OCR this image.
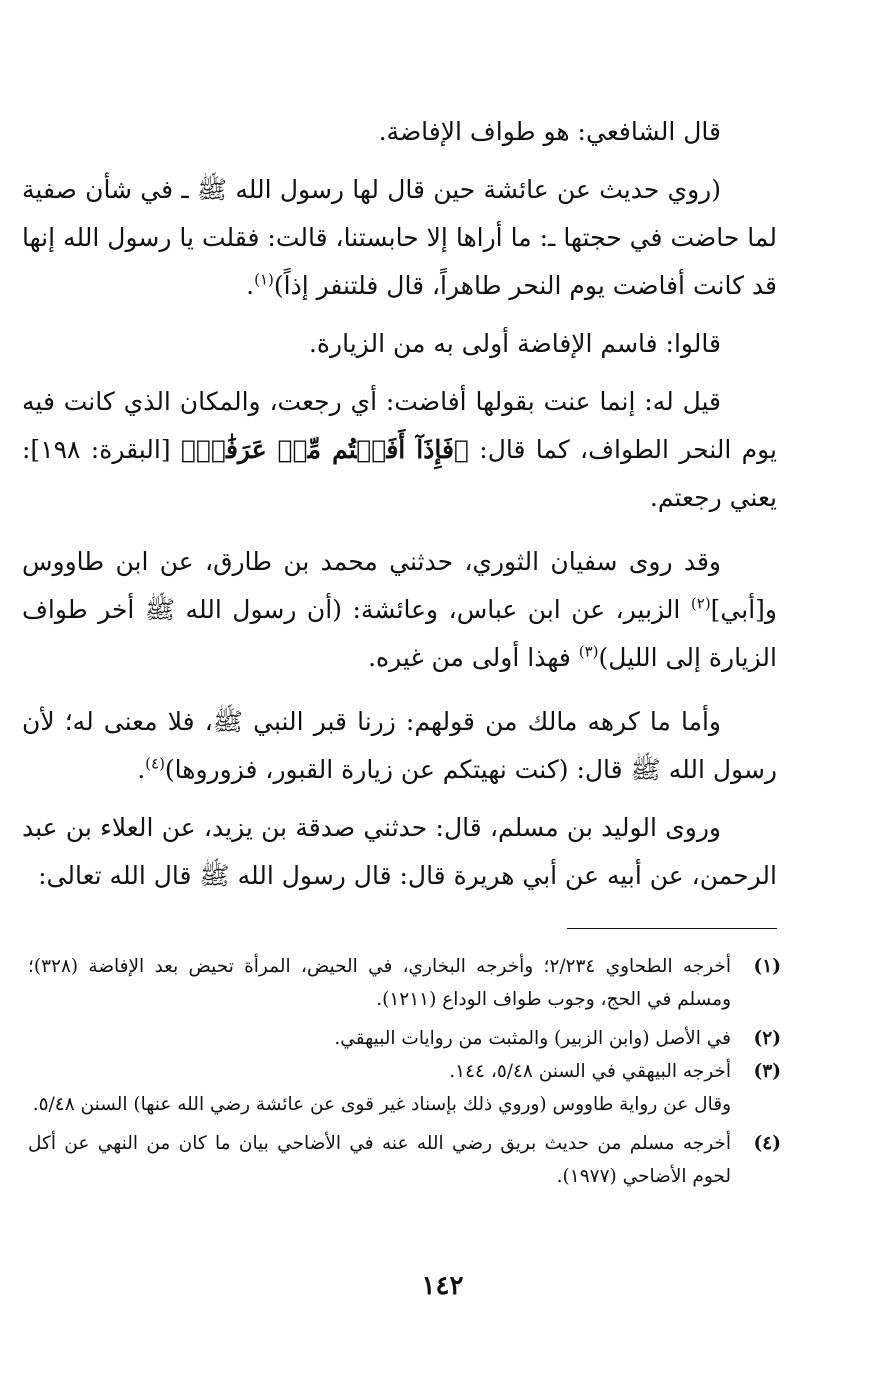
قال الشافعي: هو طواف الإفاضة.

(روي حديث عن عائشة حين قال لها رسول الله ﷺ ـ في شأن صفية لما حاضت في حجتها ـ: ما أراها إلا حابستنا، قالت: فقلت يا رسول الله إنها قد كانت أفاضت يوم النحر طاهراً، قال فلتنفر إذاً)$^{(١)}$.

قالوا: فاسم الإفاضة أولى به من الزيارة.

قيل له: إنما عنت بقولها أفاضت: أي رجعت، والمكان الذي كانت فيه يوم النحر الطواف، كما قال: ﴿فَإِذَآ أَفَضۡتُم مِّنۡ عَرَفَٰتٖ﴾ [البقرة: ١٩٨]: يعني رجعتم.

وقد روى سفيان الثوري، حدثني محمد بن طارق، عن ابن طاووس و[أبي]$^{(٢)}$ الزبير، عن ابن عباس، وعائشة: (أن رسول الله ﷺ أخر طواف الزيارة إلى الليل)$^{(٣)}$ فهذا أولى من غيره.

وأما ما كرهه مالك من قولهم: زرنا قبر النبي ﷺ، فلا معنى له؛ لأن رسول الله ﷺ قال: (كنت نهيتكم عن زيارة القبور، فزوروها)$^{(٤)}$.

وروى الوليد بن مسلم، قال: حدثني صدقة بن يزيد، عن العلاء بن عبد الرحمن، عن أبيه عن أبي هريرة قال: قال رسول الله ﷺ قال الله تعالى:

(١)
أخرجه الطحاوي ٢/٢٣٤؛ وأخرجه البخاري، في الحيض، المرأة تحيض بعد الإفاضة (٣٢٨)؛ ومسلم في الحج، وجوب طواف الوداع (١٢١١).
(٢)
في الأصل (وابن الزبير) والمثبت من روايات البيهقي.
(٣)
أخرجه البيهقي في السنن ٥/٤٨، ١٤٤.
وقال عن رواية طاووس (وروي ذلك بإسناد غير قوى عن عائشة رضي الله عنها) السنن ٥/٤٨.
(٤)
أخرجه مسلم من حديث بريق رضي الله عنه في الأضاحي بيان ما كان من النهي عن أكل لحوم الأضاحي (١٩٧٧).
١٤٢
